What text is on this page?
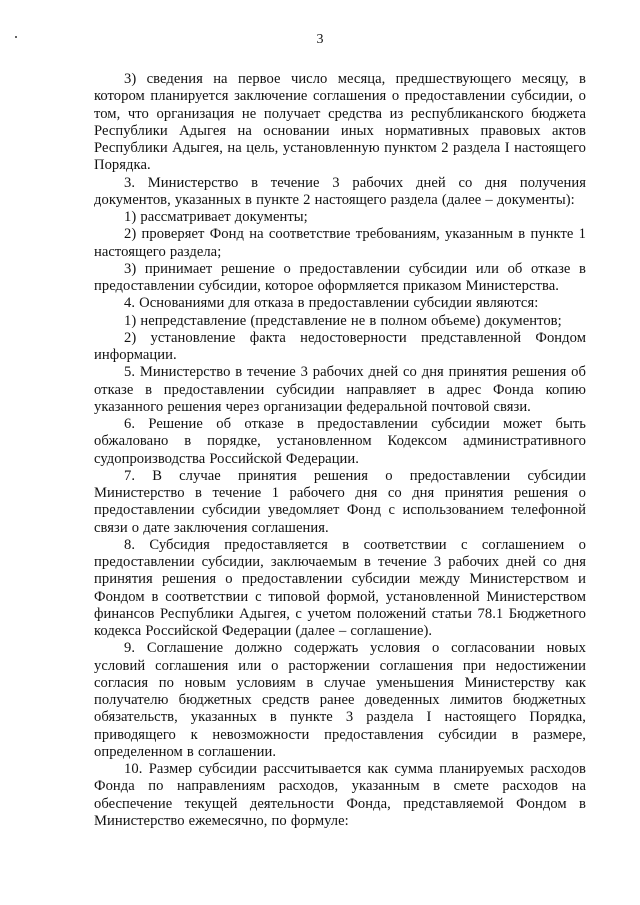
3

3) сведения на первое число месяца, предшествующего месяцу, в котором планируется заключение соглашения о предоставлении субсидии, о том, что организация не получает средства из республиканского бюджета Республики Адыгея на основании иных нормативных правовых актов Республики Адыгея, на цель, установленную пунктом 2 раздела I настоящего Порядка.

3. Министерство в течение 3 рабочих дней со дня получения документов, указанных в пункте 2 настоящего раздела (далее – документы):

1) рассматривает документы;

2) проверяет Фонд на соответствие требованиям, указанным в пункте 1 настоящего раздела;

3) принимает решение о предоставлении субсидии или об отказе в предоставлении субсидии, которое оформляется приказом Министерства.

4. Основаниями для отказа в предоставлении субсидии являются:

1) непредставление (представление не в полном объеме) документов;

2) установление факта недостоверности представленной Фондом информации.

5. Министерство в течение 3 рабочих дней со дня принятия решения об отказе в предоставлении субсидии направляет в адрес Фонда копию указанного решения через организации федеральной почтовой связи.

6. Решение об отказе в предоставлении субсидии может быть обжаловано в порядке, установленном Кодексом административного судопроизводства Российской Федерации.

7. В случае принятия решения о предоставлении субсидии Министерство в течение 1 рабочего дня со дня принятия решения о предоставлении субсидии уведомляет Фонд с использованием телефонной связи о дате заключения соглашения.

8. Субсидия предоставляется в соответствии с соглашением о предоставлении субсидии, заключаемым в течение 3 рабочих дней со дня принятия решения о предоставлении субсидии между Министерством и Фондом в соответствии с типовой формой, установленной Министерством финансов Республики Адыгея, с учетом положений статьи 78.1 Бюджетного кодекса Российской Федерации (далее – соглашение).

9. Соглашение должно содержать условия о согласовании новых условий соглашения или о расторжении соглашения при недостижении согласия по новым условиям в случае уменьшения Министерству как получателю бюджетных средств ранее доведенных лимитов бюджетных обязательств, указанных в пункте 3 раздела I настоящего Порядка, приводящего к невозможности предоставления субсидии в размере, определенном в соглашении.

10. Размер субсидии рассчитывается как сумма планируемых расходов Фонда по направлениям расходов, указанным в смете расходов на обеспечение текущей деятельности Фонда, представляемой Фондом в Министерство ежемесячно, по формуле:
